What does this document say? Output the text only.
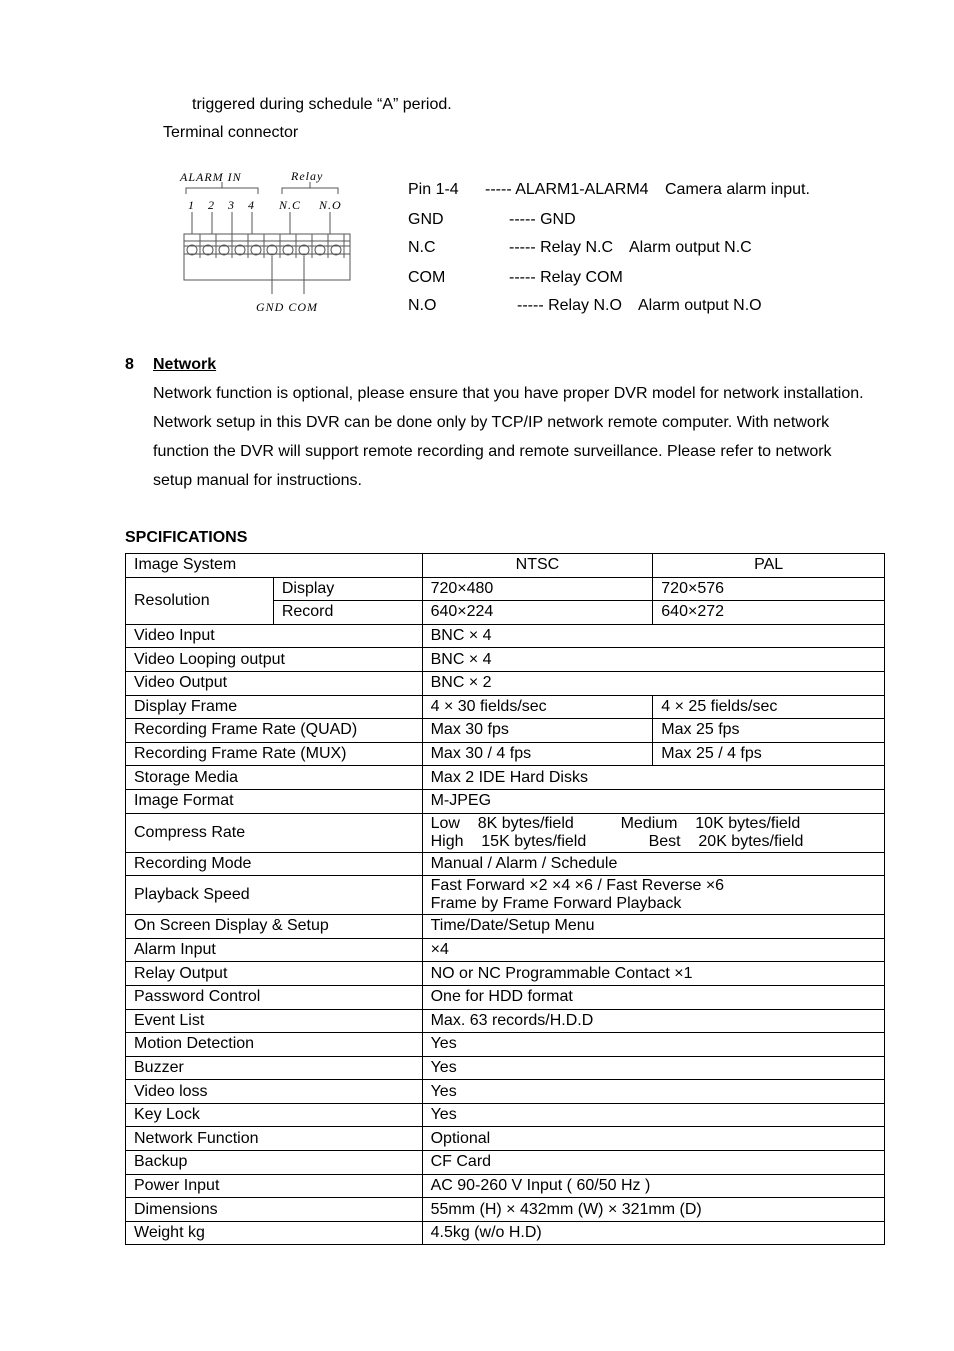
triggered during schedule “A” period.
Terminal connector
ALARM IN	Relay
1 2 3 4 N.C N.O
GND COM
Pin 1-4 ----- ALARM1-ALARM4 Camera alarm input.
GND	----- GND
N.C	----- Relay N.C Alarm output N.C
COM	----- Relay COM
N.O	----- Relay N.O Alarm output N.O
8 Network
Network function is optional, please ensure that you have proper DVR model for network installation.
Network setup in this DVR can be done only by TCP/IP network remote computer. With network
function the DVR will support remote recording and remote surveillance. Please refer to network
setup manual for instructions.
SPCIFICATIONS
Image System		NTSC	PAL
Resolution	Display	720×480	720×576
	Record	640×224	640×272
Video Input		BNC × 4	
Video Looping output		BNC × 4	
Video Output		BNC × 2	
Display Frame		4 × 30 fields/sec	4 × 25 fields/sec
Recording Frame Rate (QUAD)		Max 30 fps	Max 25 fps
Recording Frame Rate (MUX)		Max 30 / 4 fps	Max 25 / 4 fps
Storage Media		Max 2 IDE Hard Disks	
Image Format		M-JPEG	
Compress Rate		Low    8K bytes/field Medium    10K bytes/field
High    15K bytes/field Best    20K bytes/field	

Recording Mode		Manual / Alarm / Schedule	
Playback Speed		Fast Forward ×2 ×4 ×6 / Fast Reverse ×6
Frame by Frame Forward Playback	

On Screen Display & Setup		Time/Date/Setup Menu	
Alarm Input		×4	
Relay Output		NO or NC Programmable Contact ×1	
Password Control		One for HDD format	
Event List		Max. 63 records/H.D.D	
Motion Detection		Yes	
Buzzer		Yes	
Video loss		Yes	
Key Lock		Yes	
Network Function		Optional	
Backup		CF Card	
Power Input		AC 90-260 V Input ( 60/50 Hz )	
Dimensions		55mm (H) × 432mm (W) × 321mm (D)	
Weight kg		4.5kg (w/o H.D)	
